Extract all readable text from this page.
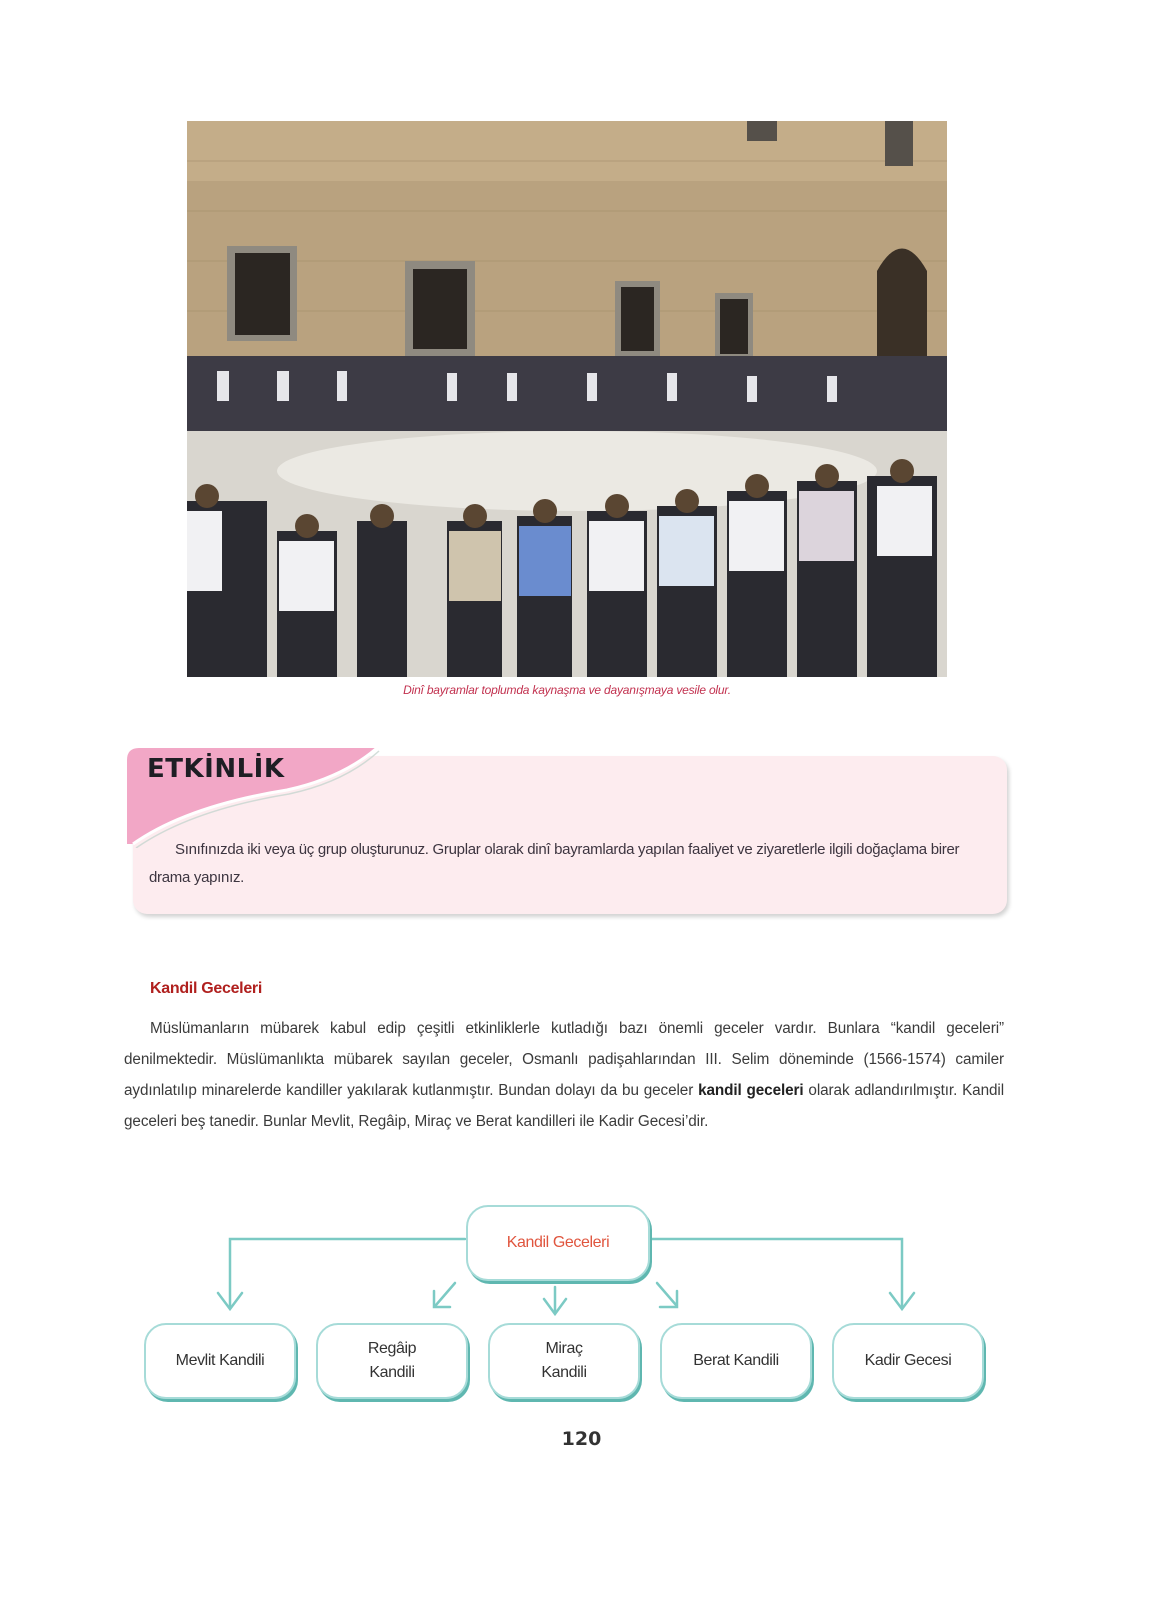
Dinî bayramlar toplumda kaynaşma ve dayanışmaya vesile olur.
ETKİNLİK
Sınıfınızda iki veya üç grup oluşturunuz. Gruplar olarak dinî bayramlarda yapılan faaliyet ve ziyaretlerle ilgili doğaçlama birer drama yapınız.
Kandil Geceleri
Müslümanların mübarek kabul edip çeşitli etkinliklerle kutladığı bazı önemli geceler vardır. Bunlara “kandil geceleri” denilmektedir. Müslümanlıkta mübarek sayılan geceler, Osmanlı padişahlarından III. Selim döneminde (1566-1574) camiler aydınlatılıp minarelerde kandiller yakılarak kutlanmıştır. Bundan dolayı da bu geceler kandil geceleri olarak adlandırılmıştır. Kandil geceleri beş tanedir. Bunlar Mevlit, Regâip, Miraç ve Berat kandilleri ile Kadir Gecesi’dir.
Kandil Geceleri
Mevlit Kandili
Regâip
Kandili
Miraç
Kandili
Berat Kandili	Kadir Gecesi
120
